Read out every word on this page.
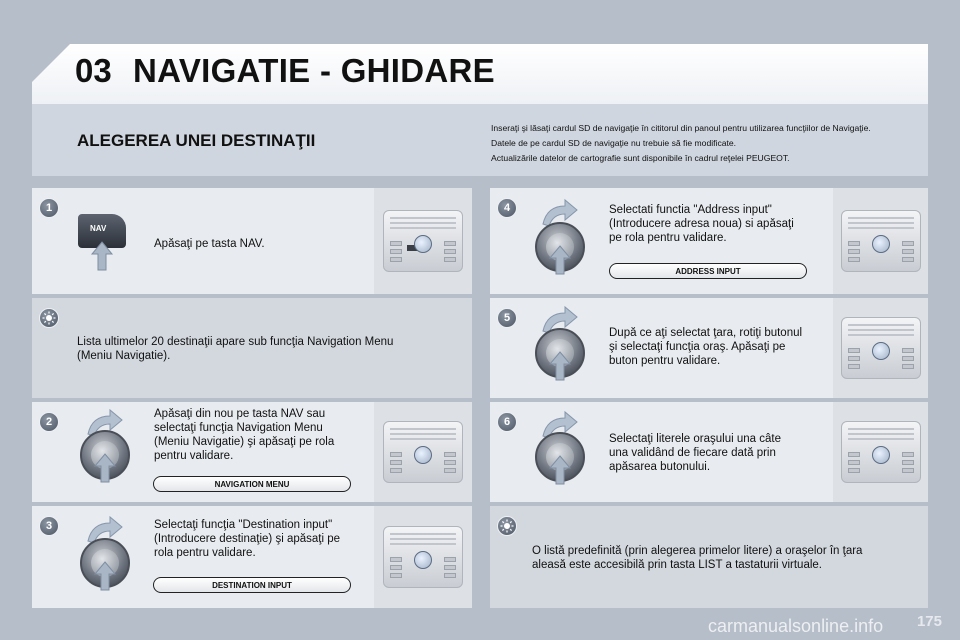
03 NAVIGATIE - GHIDARE
ALEGEREA UNEI DESTINAŢII

Inseraţi şi lăsaţi cardul SD de navigaţie în cititorul din panoul pentru utilizarea funcţiilor de Navigaţie.

Datele de pe cardul SD de navigaţie nu trebuie să fie modificate.

Actualizările datelor de cartografie sunt disponibile în cadrul reţelei PEUGEOT.

1
NAV
Apăsaţi pe tasta NAV.
Lista ultimelor 20 destinaţii apare sub funcţia Navigation Menu
(Meniu Navigatie).
2
Apăsaţi din nou pe tasta NAV sau
selectaţi funcţia Navigation Menu
(Meniu Navigatie) şi apăsaţi pe rola
pentru validare.
NAVIGATION MENU
3	Selectaţi funcţia "Destination input"
(Introducere destinaţie) şi apăsaţi pe
rola pentru validare.
DESTINATION INPUT
4	Selectati functia "Address input"
(Introducere adresa noua) si apăsaţi
pe rola pentru validare.
ADDRESS INPUT
5
După ce aţi selectat ţara, rotiţi butonul
şi selectaţi funcţia oraş. Apăsaţi pe
buton pentru validare.
6
Selectaţi literele oraşului una câte
una validând de fiecare dată prin
apăsarea butonului.
O listă predefinită (prin alegerea primelor litere) a oraşelor în ţara
aleasă este accesibilă prin tasta LIST a tastaturii virtuale.
175
carmanualsonline.info
